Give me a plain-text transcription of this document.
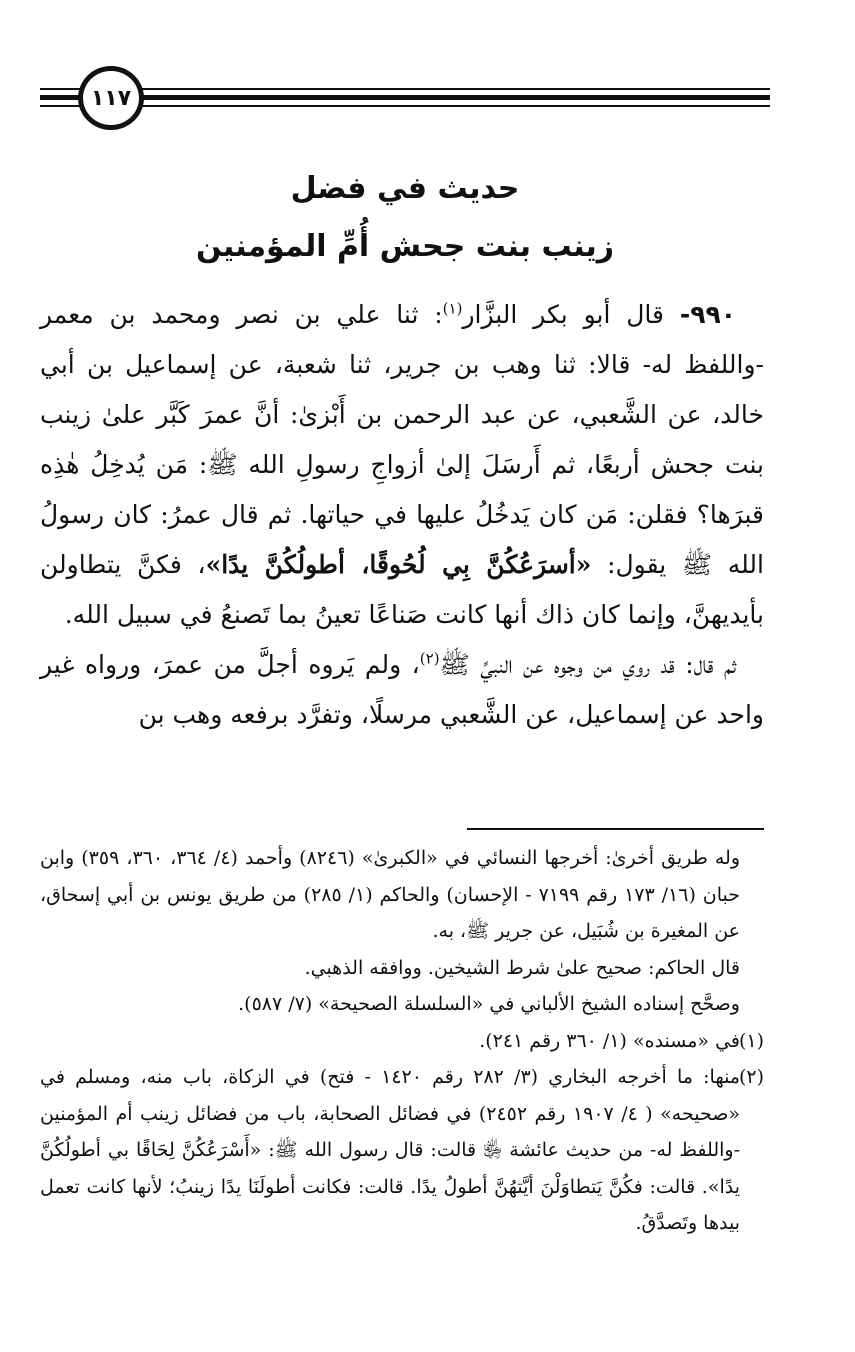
١١٧

حديث في فضل

زينب بنت جحش أُمِّ المؤمنين

٩٩٠- قال أبو بكر البزَّار$^{(١)}$: ثنا علي بن نصر ومحمد بن معمر -واللفظ له- قالا: ثنا وهب بن جرير، ثنا شعبة، عن إسماعيل بن أبي خالد، عن الشَّعبي، عن عبد الرحمن بن أَبْزىٰ: أنَّ عمرَ كَبَّر علىٰ زينب بنت جحش أربعًا، ثم أَرسَلَ إلىٰ أزواجِ رسولِ الله ﷺ: مَن يُدخِلُ هٰذِه قبرَها؟ فقلن: مَن كان يَدخُلُ عليها في حياتها. ثم قال عمرُ: كان رسولُ الله ﷺ يقول: «أسرَعُكُنَّ بِي لُحُوقًا، أطولُكُنَّ يدًا»، فكنَّ يتطاولن بأيديهنَّ، وإنما كان ذاك أنها كانت صَناعًا تعينُ بما تَصنعُ في سبيل الله.

ثم قال: قد روي من وجوه عن النبيِّ ﷺ$^{(٢)}$، ولم يَروه أجلَّ من عمرَ، ورواه غير واحد عن إسماعيل، عن الشَّعبي مرسلًا، وتفرَّد برفعه وهب بن

وله طريق أخرىٰ: أخرجها النسائي في «الكبرىٰ» (٨٢٤٦) وأحمد (٤/ ٣٦٤، ٣٦٠، ٣٥٩) وابن حبان (١٦/ ١٧٣ رقم ٧١٩٩ - الإحسان) والحاكم (١/ ٢٨٥) من طريق يونس بن أبي إسحاق، عن المغيرة بن شُبَيل، عن جرير ﷺ، به.

قال الحاكم: صحيح علىٰ شرط الشيخين. ووافقه الذهبي.

وصحَّح إسناده الشيخ الألباني في «السلسلة الصحيحة» (٧/ ٥٨٧).

(١)
في «مسنده» (١/ ٣٦٠ رقم ٢٤١).
(٢)
منها: ما أخرجه البخاري (٣/ ٢٨٢ رقم ١٤٢٠ - فتح) في الزكاة، باب منه، ومسلم في «صحيحه» ( ٤/ ١٩٠٧ رقم ٢٤٥٢) في فضائل الصحابة، باب من فضائل زينب أم المؤمنين -واللفظ له- من حديث عائشة ﵂ قالت: قال رسول الله ﷺ: «أَسْرَعُكُنَّ لِحَاقًا بي أطولُكُنَّ يدًا». قالت: فكُنَّ يَتطاوَلْنَ أيَّتهُنَّ أطولُ يدًا. قالت: فكانت أطولَنَا يدًا زينبُ؛ لأنها كانت تعمل بيدها وتَصدَّقُ.
